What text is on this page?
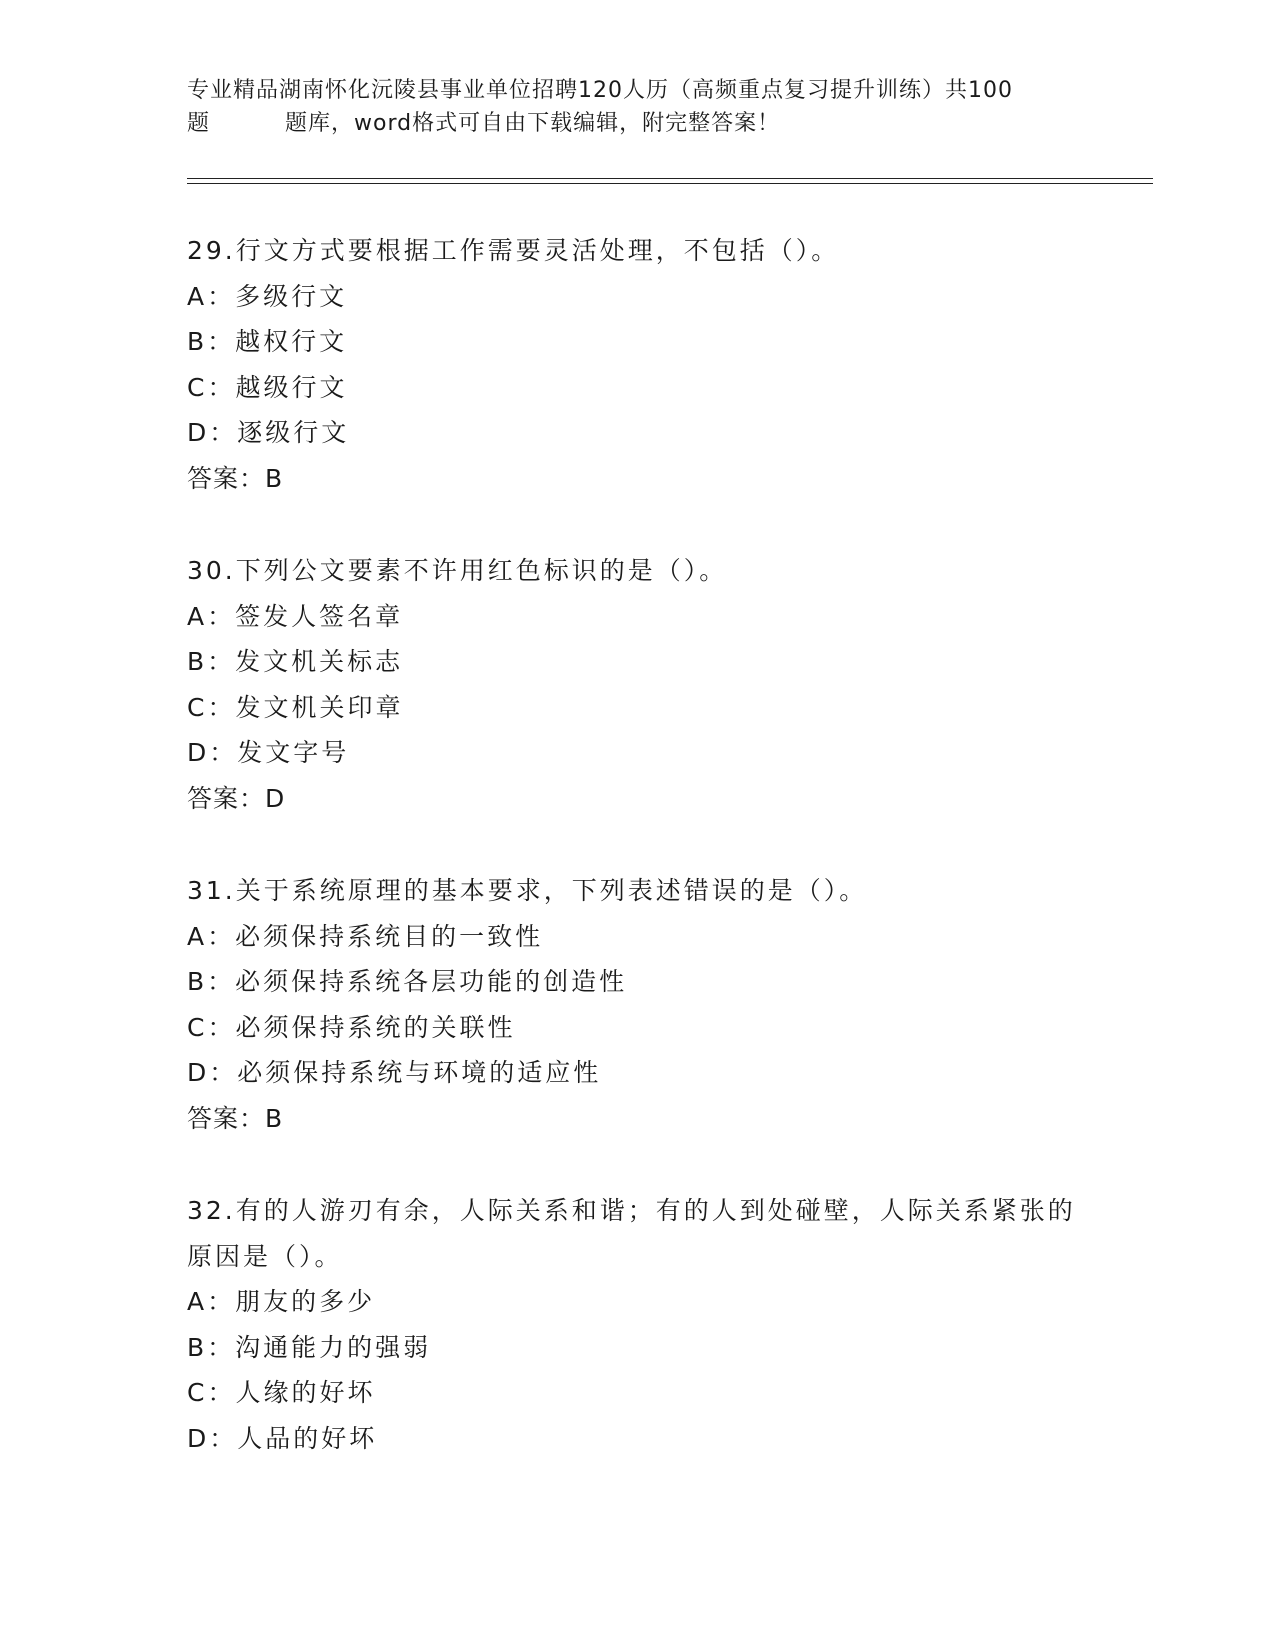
专业精品湖南怀化沅陵县事业单位招聘120人历（高频重点复习提升训练）共100
题	题库，word格式可自由下载编辑，附完整答案！
29.行文方式要根据工作需要灵活处理，不包括（）。
A：多级行文
B：越权行文
C：越级行文
D：逐级行文
答案：B
30.下列公文要素不许用红色标识的是（）。
A：签发人签名章
B：发文机关标志
C：发文机关印章
D：发文字号
答案：D
31.关于系统原理的基本要求，下列表述错误的是（）。
A：必须保持系统目的一致性
B：必须保持系统各层功能的创造性
C：必须保持系统的关联性
D：必须保持系统与环境的适应性
答案：B
32.有的人游刃有余，人际关系和谐；有的人到处碰壁，人际关系紧张的原因是（）。
A：朋友的多少
B：沟通能力的强弱
C：人缘的好坏
D：人品的好坏
